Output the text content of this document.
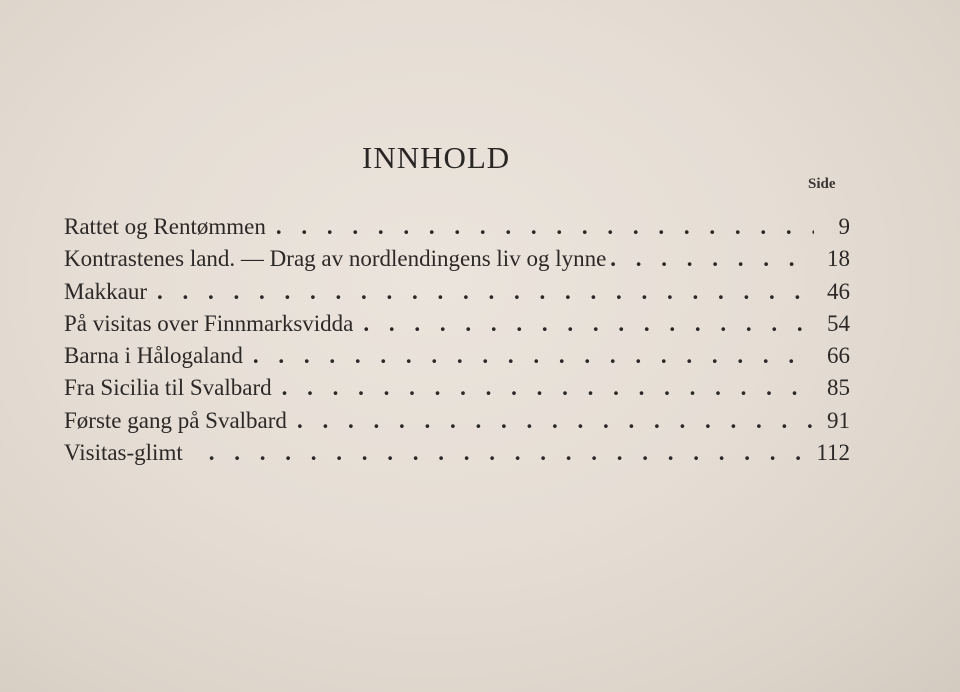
INNHOLD
Side
Rattet og Rentømmen . . .	9
Kontrastenes land. — Drag av nordlendingens liv og lynne . . .	18
Makkaur . . .	46
På visitas over Finnmarksvidda . . .	54
Barna i Hålogaland . . .	66
Fra Sicilia til Svalbard . . .	85
Første gang på Svalbard . . .	91
Visitas-glimt . . .	112
